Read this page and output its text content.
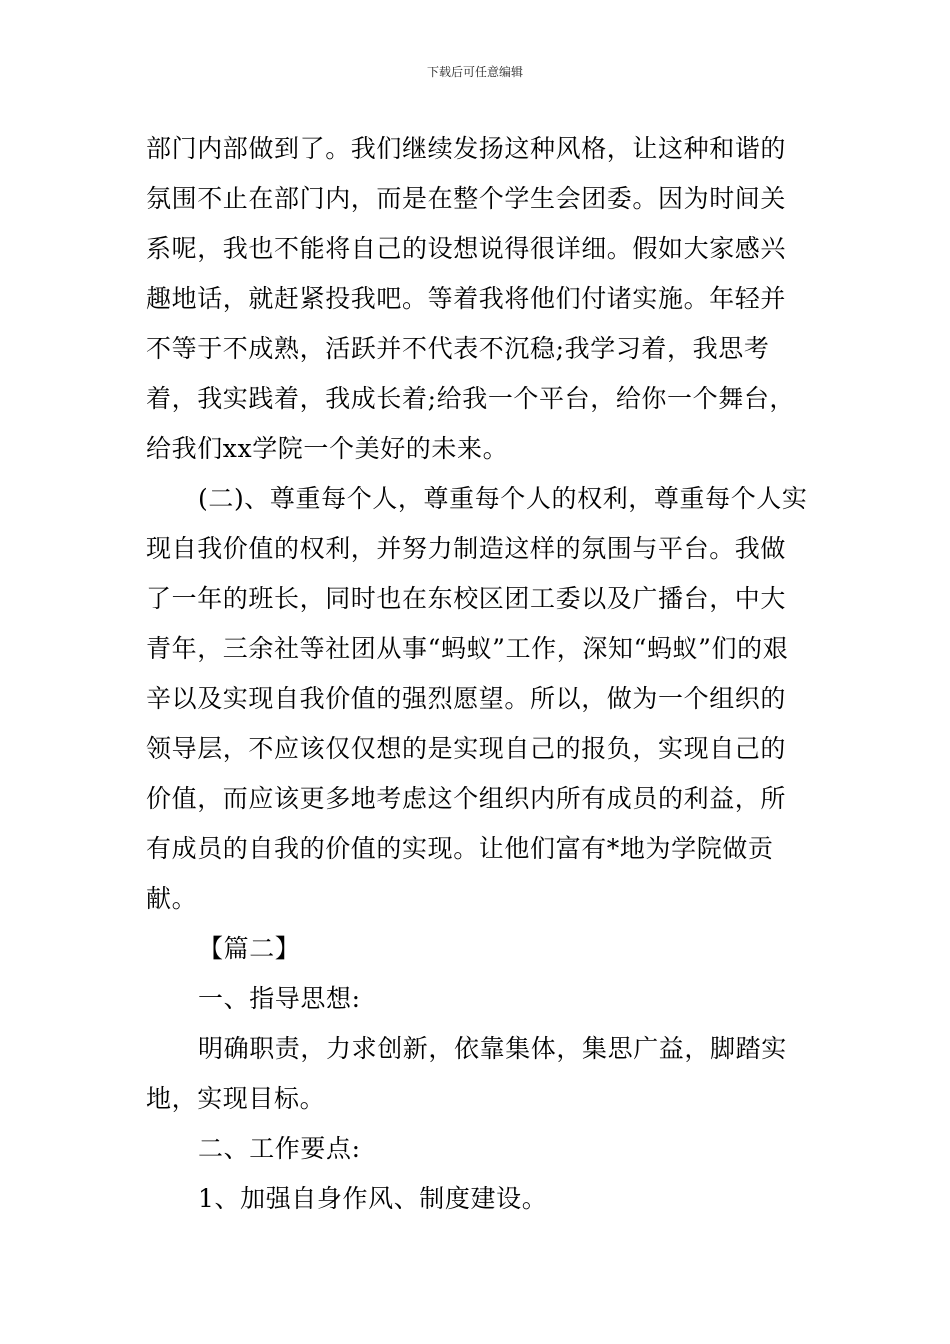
下载后可任意编辑

部门内部做到了。我们继续发扬这种风格，让这种和谐的氛围不止在部门内，而是在整个学生会团委。因为时间关系呢，我也不能将自己的设想说得很详细。假如大家感兴趣地话，就赶紧投我吧。等着我将他们付诸实施。年轻并不等于不成熟，活跃并不代表不沉稳;我学习着，我思考着，我实践着，我成长着;给我一个平台，给你一个舞台，给我们xx学院一个美好的未来。

(二)、尊重每个人，尊重每个人的权利，尊重每个人实现自我价值的权利，并努力制造这样的氛围与平台。我做了一年的班长，同时也在东校区团工委以及广播台，中大青年，三余社等社团从事“蚂蚁”工作，深知“蚂蚁”们的艰辛以及实现自我价值的强烈愿望。所以，做为一个组织的领导层，不应该仅仅想的是实现自己的报负，实现自己的价值，而应该更多地考虑这个组织内所有成员的利益，所有成员的自我的价值的实现。让他们富有*地为学院做贡献。

【篇二】

一、指导思想:

明确职责，力求创新，依靠集体，集思广益，脚踏实地，实现目标。

二、工作要点:

1、加强自身作风、制度建设。
